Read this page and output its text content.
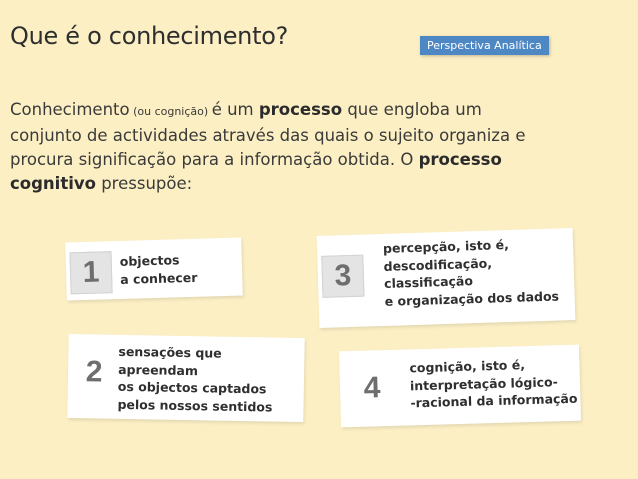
Que é o conhecimento?	Perspectiva Analítica
Conhecimento (ou cognição) é um processo que engloba um conjunto de actividades através das quais o sujeito organiza e procura significação para a informação obtida. O processo cognitivo pressupõe:
1	objectos
a conhecer	3
percepção, isto é,
descodificação,
classificação
e organização dos dados
2
sensações que
apreendam
os objectos captados
pelos nossos sentidos
4
cognição, isto é,
interpretação lógico-
-racional da informação
